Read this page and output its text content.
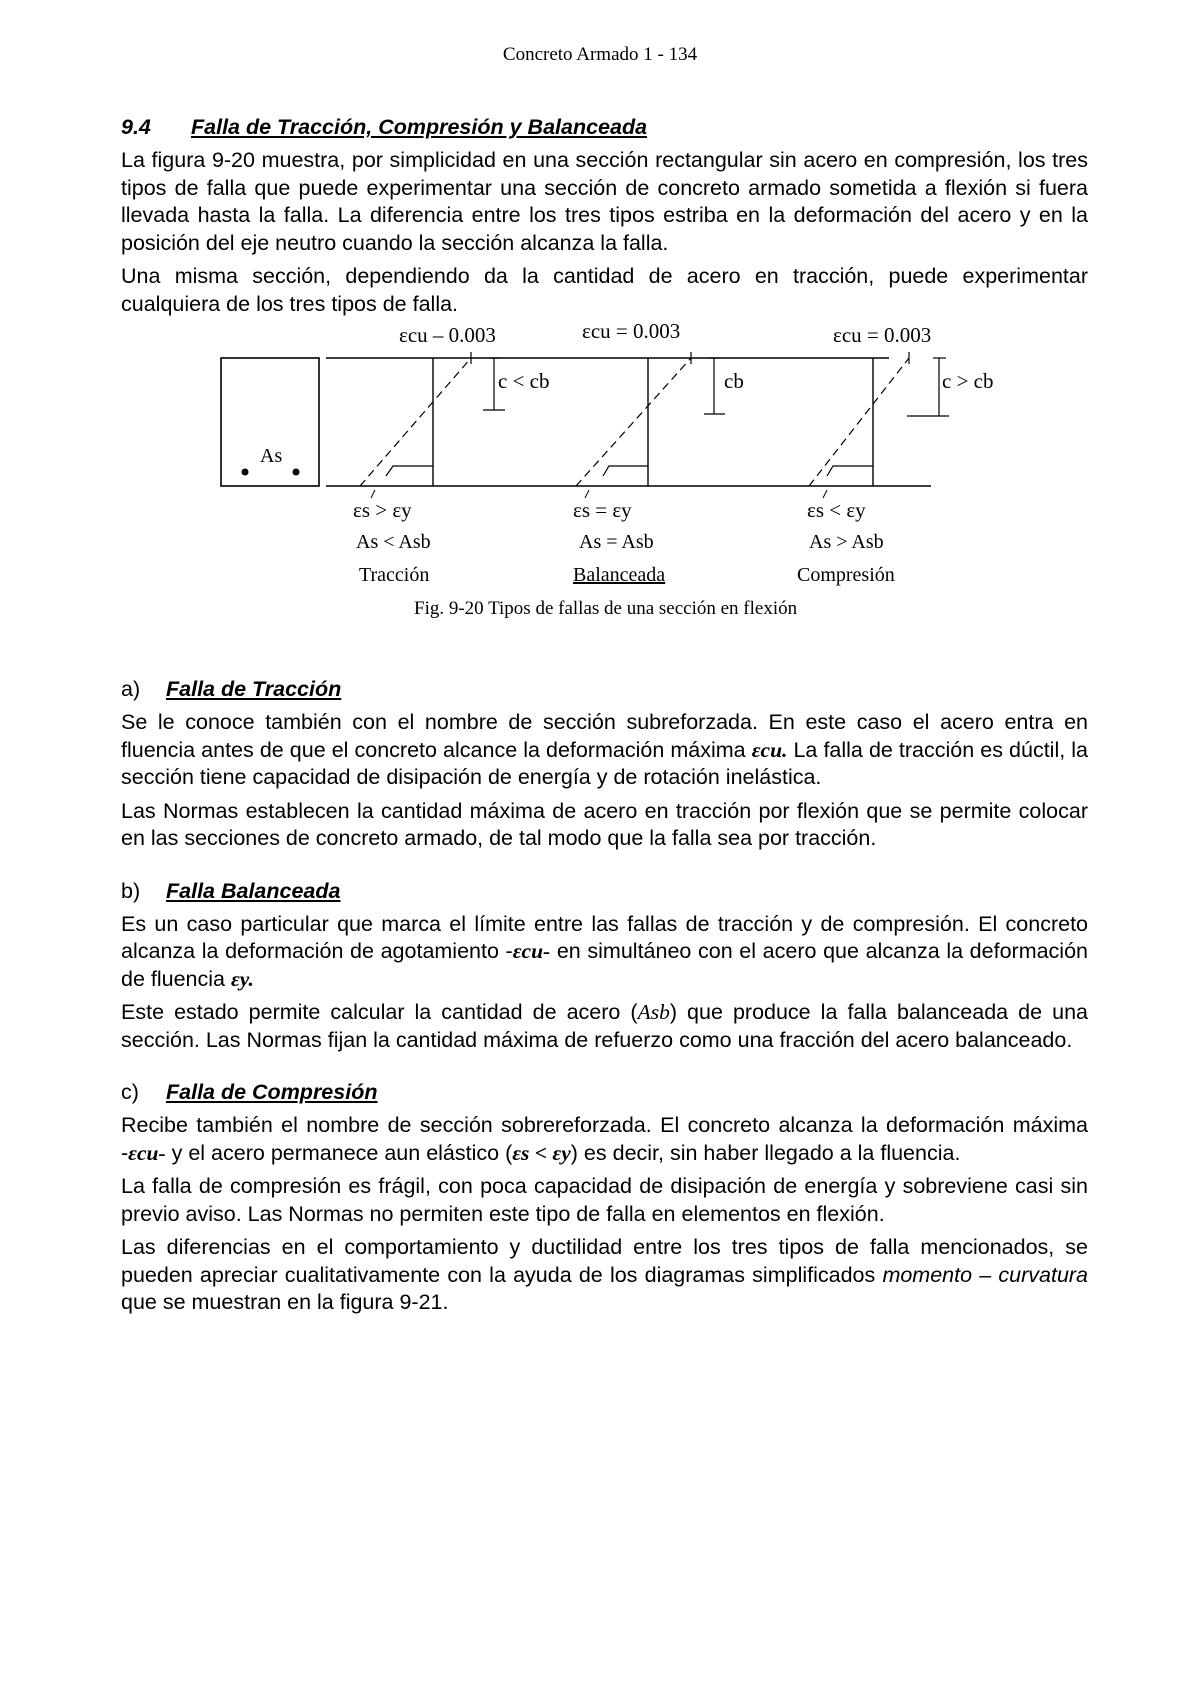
Concreto Armado 1 - 134
9.4 Falla de Tracción, Compresión y Balanceada

La figura 9-20 muestra, por simplicidad en una sección rectangular sin acero en compresión, los tres tipos de falla que puede experimentar una sección de concreto armado sometida a flexión si fuera llevada hasta la falla. La diferencia entre los tres tipos estriba en la deformación del acero y en la posición del eje neutro cuando la sección alcanza la falla.

Una misma sección, dependiendo da la cantidad de acero en tracción, puede experimentar cualquiera de los tres tipos de falla.

As
εcu – 0.003
c < cb
εs > εy
As < Asb
Tracción
εcu = 0.003
cb
εs = εy
As = Asb
Balanceada
εcu = 0.003
c > cb
εs < εy
As > Asb
Compresión
Fig. 9-20 Tipos de fallas de una sección en flexión
a) Falla de Tracción

Se le conoce también con el nombre de sección subreforzada. En este caso el acero entra en fluencia antes de que el concreto alcance la deformación máxima εcu. La falla de tracción es dúctil, la sección tiene capacidad de disipación de energía y de rotación inelástica.

Las Normas establecen la cantidad máxima de acero en tracción por flexión que se permite colocar en las secciones de concreto armado, de tal modo que la falla sea por tracción.

b) Falla Balanceada

Es un caso particular que marca el límite entre las fallas de tracción y de compresión. El concreto alcanza la deformación de agotamiento -εcu- en simultáneo con el acero que alcanza la deformación de fluencia εy.

Este estado permite calcular la cantidad de acero (Asb) que produce la falla balanceada de una sección. Las Normas fijan la cantidad máxima de refuerzo como una fracción del acero balanceado.

c) Falla de Compresión

Recibe también el nombre de sección sobrereforzada. El concreto alcanza la deformación máxima -εcu- y el acero permanece aun elástico (εs < εy) es decir, sin haber llegado a la fluencia.

La falla de compresión es frágil, con poca capacidad de disipación de energía y sobreviene casi sin previo aviso. Las Normas no permiten este tipo de falla en elementos en flexión.

Las diferencias en el comportamiento y ductilidad entre los tres tipos de falla mencionados, se pueden apreciar cualitativamente con la ayuda de los diagramas simplificados momento – curvatura que se muestran en la figura 9-21.
